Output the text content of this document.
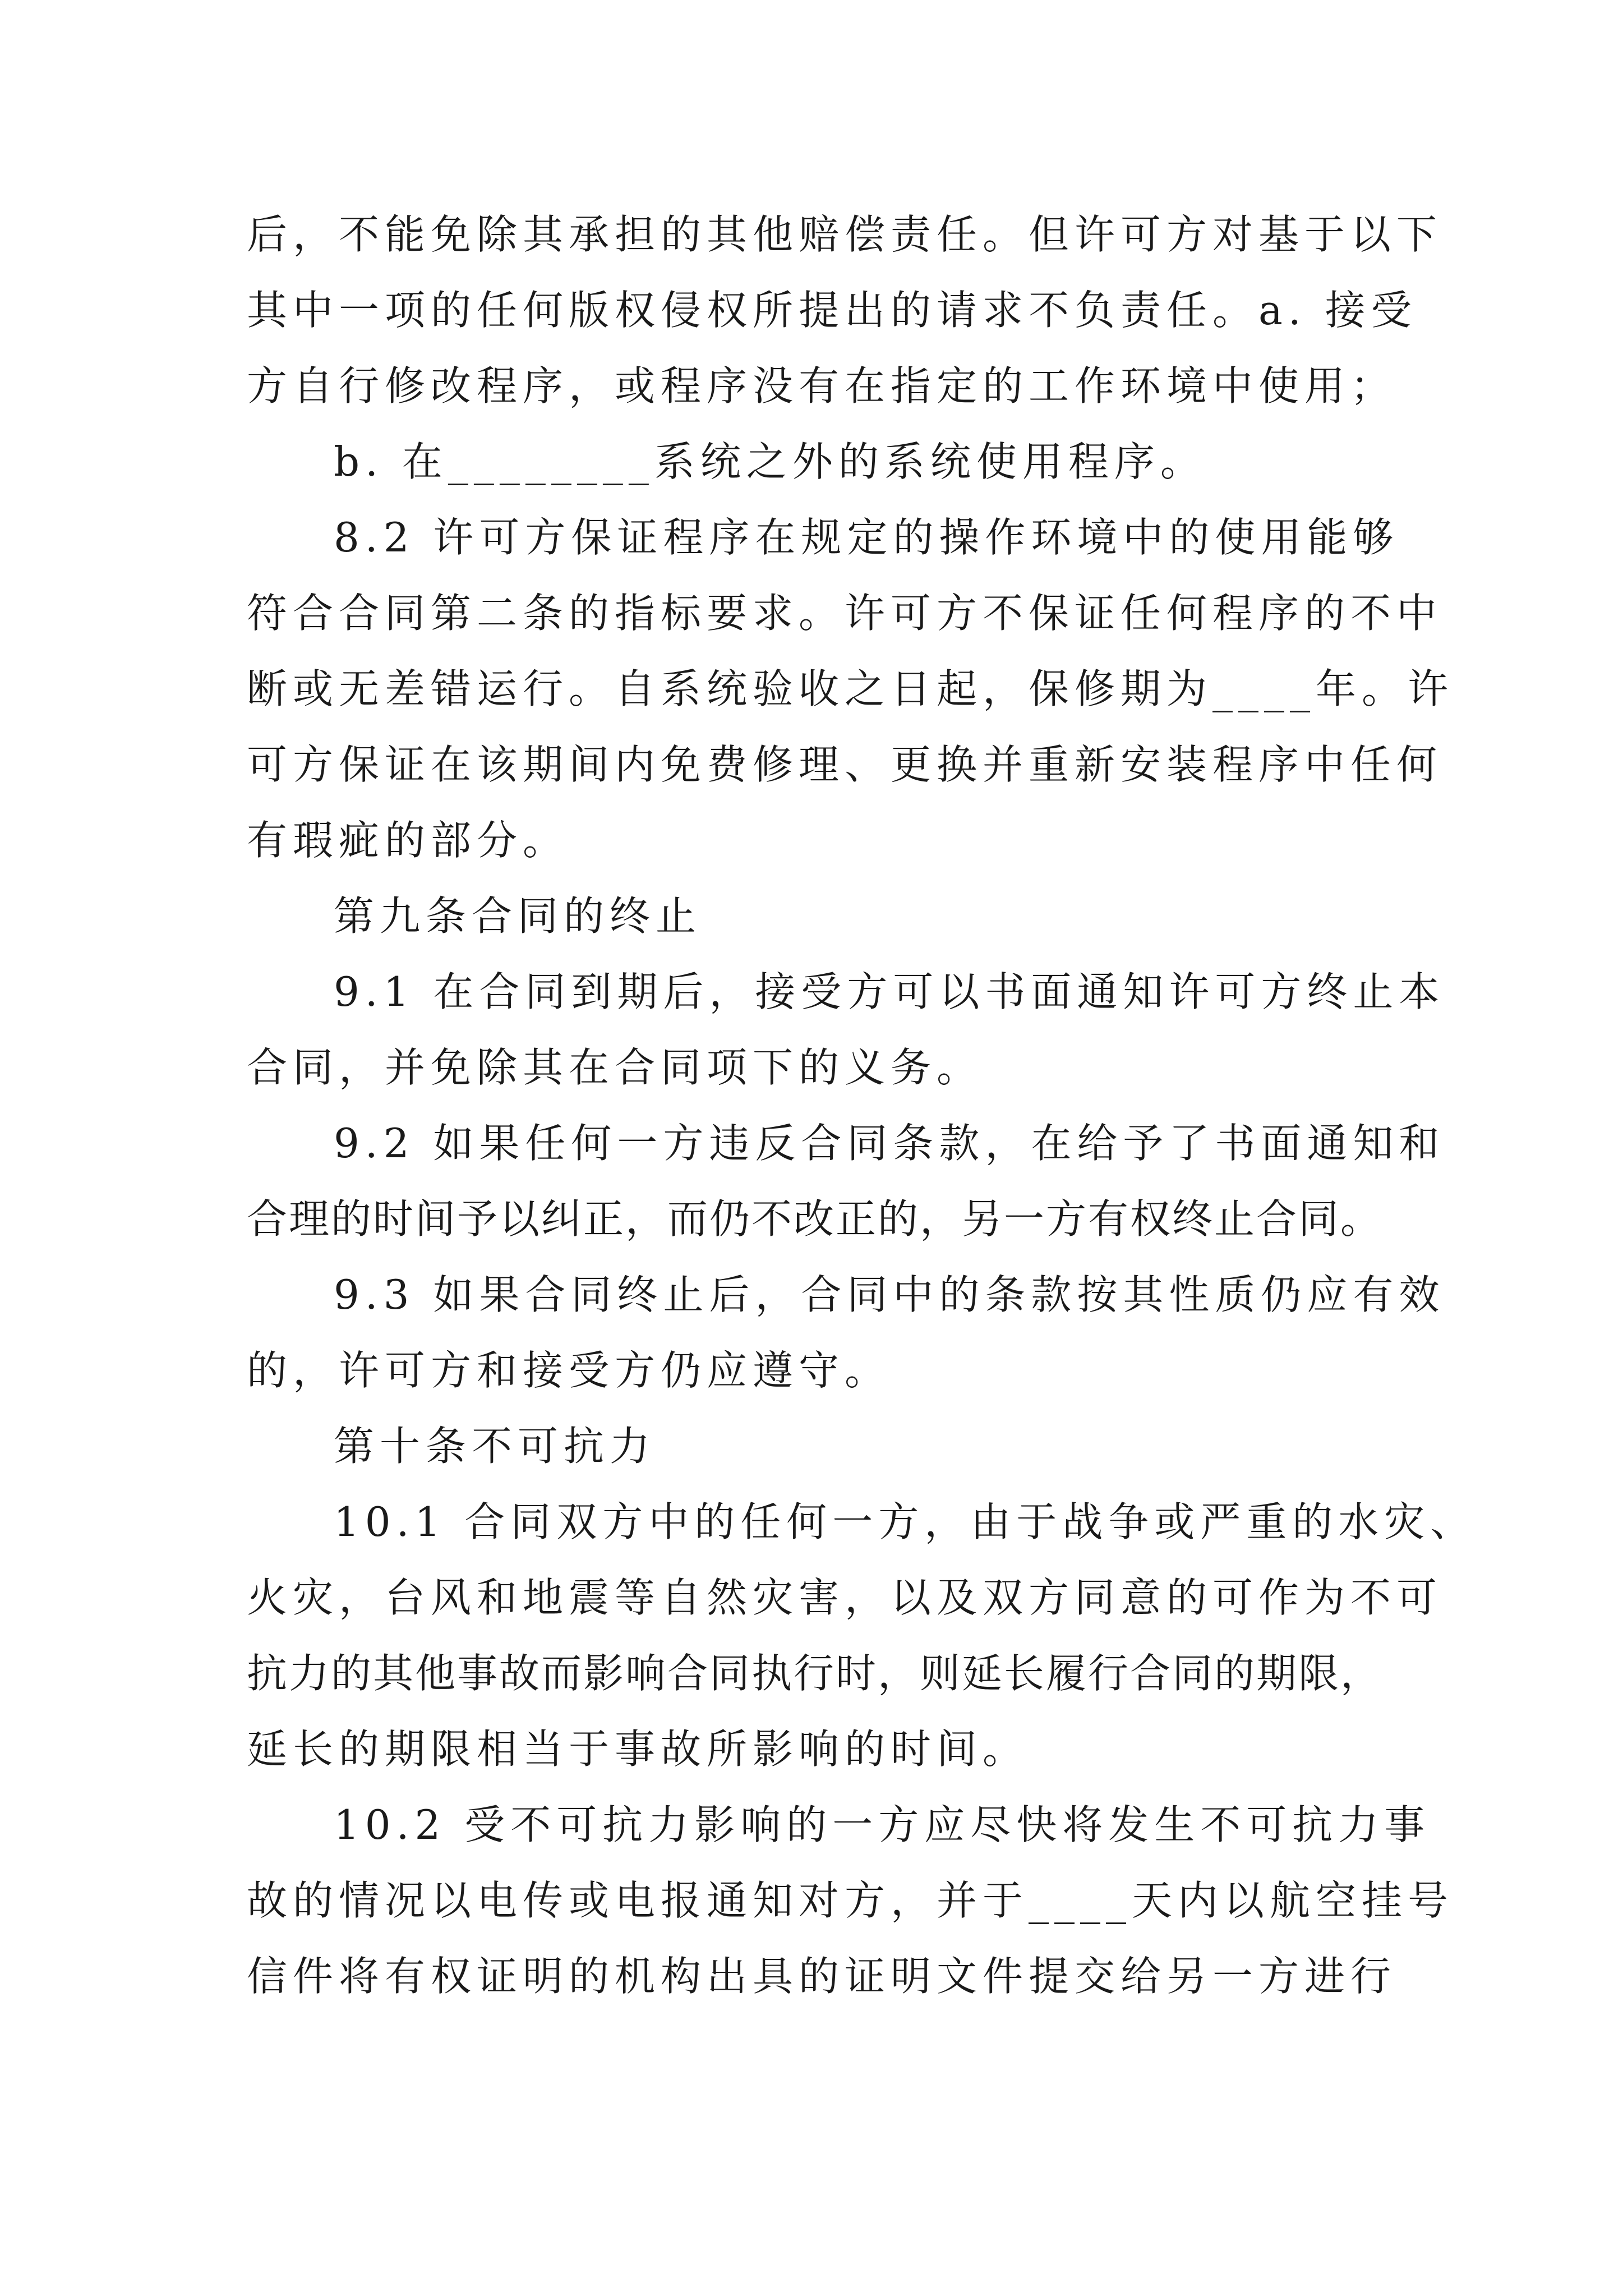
后，不能免除其承担的其他赔偿责任。但许可方对基于以下
其中一项的任何版权侵权所提出的请求不负责任。a. 接受
方自行修改程序，或程序没有在指定的工作环境中使用；
b. 在________系统之外的系统使用程序。
8.2 许可方保证程序在规定的操作环境中的使用能够
符合合同第二条的指标要求。许可方不保证任何程序的不中
断或无差错运行。自系统验收之日起，保修期为____年。许
可方保证在该期间内免费修理、更换并重新安装程序中任何
有瑕疵的部分。
第九条合同的终止
9.1 在合同到期后，接受方可以书面通知许可方终止本
合同，并免除其在合同项下的义务。
9.2 如果任何一方违反合同条款，在给予了书面通知和
合理的时间予以纠正，而仍不改正的，另一方有权终止合同。
9.3 如果合同终止后，合同中的条款按其性质仍应有效
的，许可方和接受方仍应遵守。
第十条不可抗力
10.1 合同双方中的任何一方，由于战争或严重的水灾、
火灾，台风和地震等自然灾害，以及双方同意的可作为不可
抗力的其他事故而影响合同执行时，则延长履行合同的期限，
延长的期限相当于事故所影响的时间。
10.2 受不可抗力影响的一方应尽快将发生不可抗力事
故的情况以电传或电报通知对方，并于____天内以航空挂号
信件将有权证明的机构出具的证明文件提交给另一方进行
